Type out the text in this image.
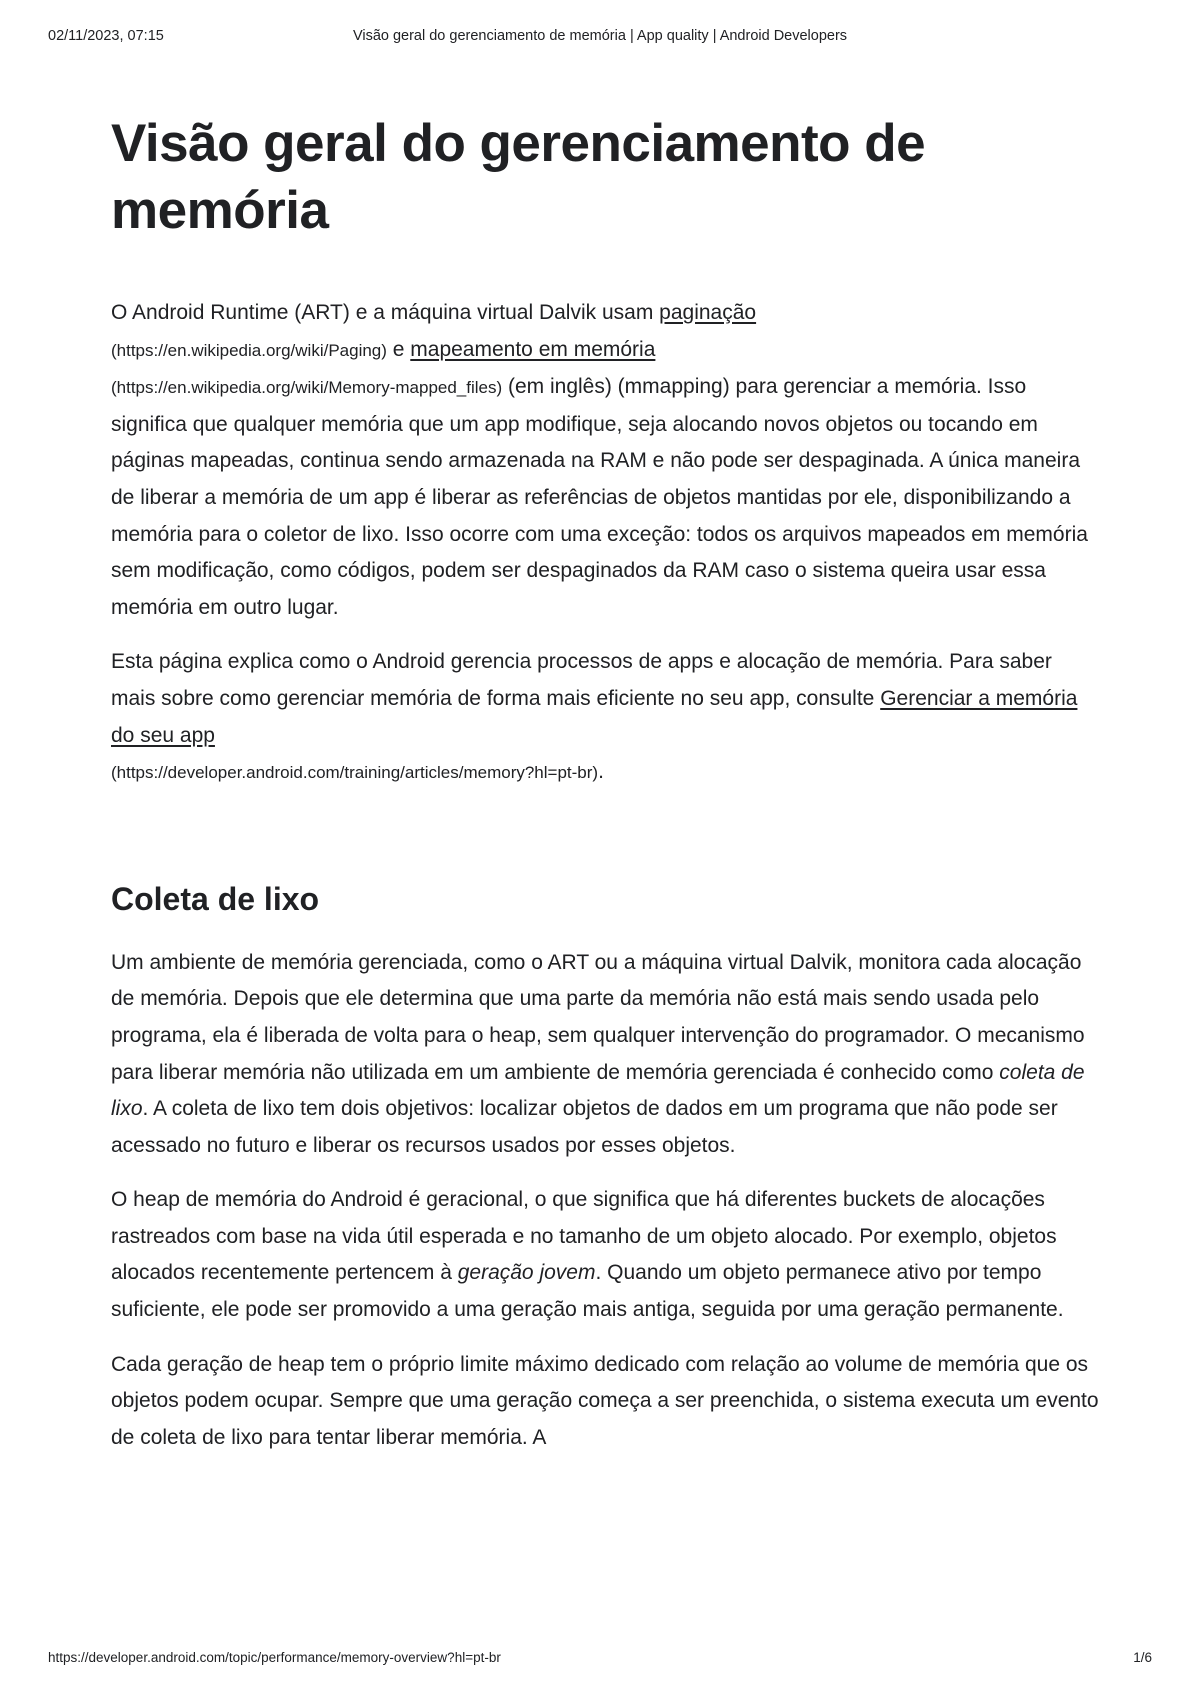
02/11/2023, 07:15	Visão geral do gerenciamento de memória | App quality | Android Developers
Visão geral do gerenciamento de memória

O Android Runtime (ART) e a máquina virtual Dalvik usam paginação
(https://en.wikipedia.org/wiki/Paging) e mapeamento em memória
(https://en.wikipedia.org/wiki/Memory-mapped_files) (em inglês) (mmapping) para gerenciar a memória. Isso significa que qualquer memória que um app modifique, seja alocando novos objetos ou tocando em páginas mapeadas, continua sendo armazenada na RAM e não pode ser despaginada. A única maneira de liberar a memória de um app é liberar as referências de objetos mantidas por ele, disponibilizando a memória para o coletor de lixo. Isso ocorre com uma exceção: todos os arquivos mapeados em memória sem modificação, como códigos, podem ser despaginados da RAM caso o sistema queira usar essa memória em outro lugar.

Esta página explica como o Android gerencia processos de apps e alocação de memória. Para saber mais sobre como gerenciar memória de forma mais eficiente no seu app, consulte Gerenciar a memória do seu app
(https://developer.android.com/training/articles/memory?hl=pt-br).

Coleta de lixo

Um ambiente de memória gerenciada, como o ART ou a máquina virtual Dalvik, monitora cada alocação de memória. Depois que ele determina que uma parte da memória não está mais sendo usada pelo programa, ela é liberada de volta para o heap, sem qualquer intervenção do programador. O mecanismo para liberar memória não utilizada em um ambiente de memória gerenciada é conhecido como coleta de lixo. A coleta de lixo tem dois objetivos: localizar objetos de dados em um programa que não pode ser acessado no futuro e liberar os recursos usados por esses objetos.

O heap de memória do Android é geracional, o que significa que há diferentes buckets de alocações rastreados com base na vida útil esperada e no tamanho de um objeto alocado. Por exemplo, objetos alocados recentemente pertencem à geração jovem. Quando um objeto permanece ativo por tempo suficiente, ele pode ser promovido a uma geração mais antiga, seguida por uma geração permanente.

Cada geração de heap tem o próprio limite máximo dedicado com relação ao volume de memória que os objetos podem ocupar. Sempre que uma geração começa a ser preenchida, o sistema executa um evento de coleta de lixo para tentar liberar memória. A

https://developer.android.com/topic/performance/memory-overview?hl=pt-br	1/6
